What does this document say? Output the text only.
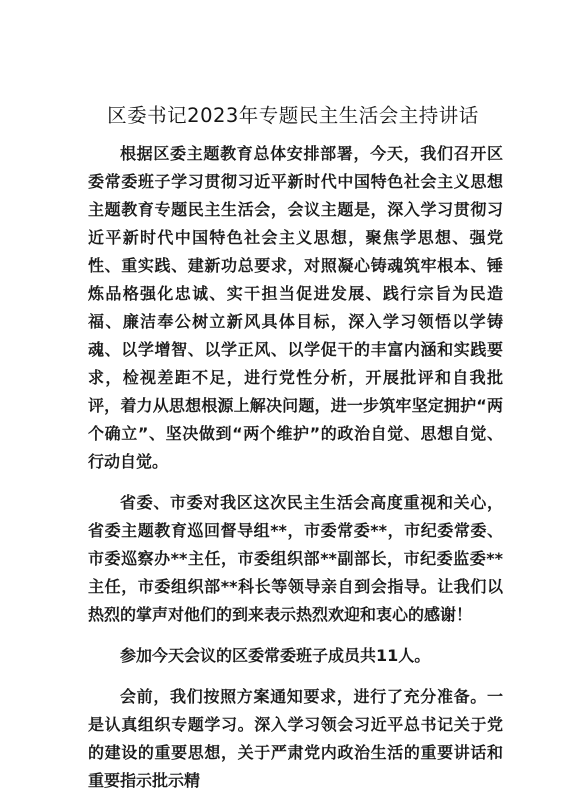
区委书记2023年专题民主生活会主持讲话

根据区委主题教育总体安排部署，今天，我们召开区委常委班子学习贯彻习近平新时代中国特色社会主义思想主题教育专题民主生活会，会议主题是，深入学习贯彻习近平新时代中国特色社会主义思想，聚焦学思想、强党性、重实践、建新功总要求，对照凝心铸魂筑牢根本、锤炼品格强化忠诚、实干担当促进发展、践行宗旨为民造福、廉洁奉公树立新风具体目标，深入学习领悟以学铸魂、以学增智、以学正风、以学促干的丰富内涵和实践要求，检视差距不足，进行党性分析，开展批评和自我批评，着力从思想根源上解决问题，进一步筑牢坚定拥护“两个确立”、坚决做到“两个维护”的政治自觉、思想自觉、行动自觉。

省委、市委对我区这次民主生活会高度重视和关心，省委主题教育巡回督导组**，市委常委**，市纪委常委、市委巡察办**主任，市委组织部**副部长，市纪委监委**主任，市委组织部**科长等领导亲自到会指导。让我们以热烈的掌声对他们的到来表示热烈欢迎和衷心的感谢！

参加今天会议的区委常委班子成员共11人。

会前，我们按照方案通知要求，进行了充分准备。一是认真组织专题学习。深入学习领会习近平总书记关于党的建设的重要思想，关于严肃党内政治生活的重要讲话和重要指示批示精
